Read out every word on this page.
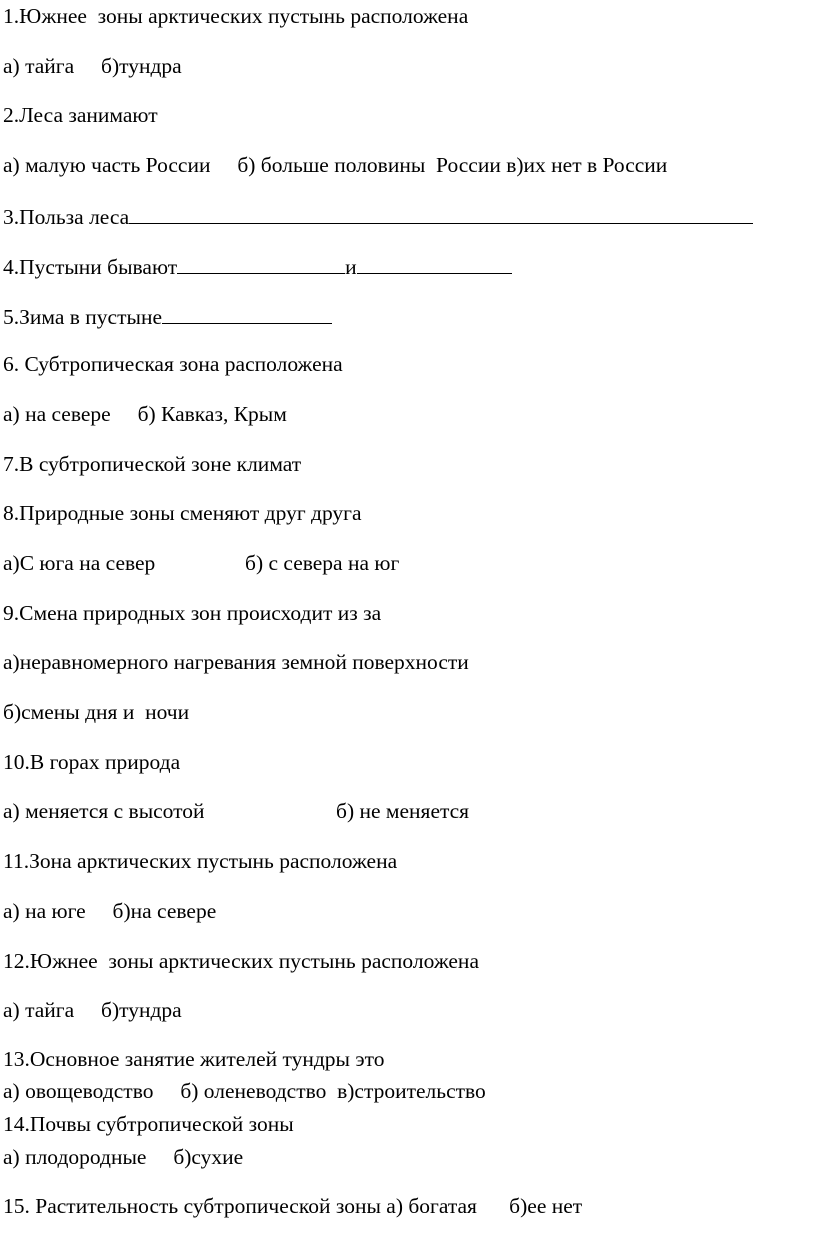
1.Южнее  зоны арктических пустынь расположена
а) тайга     б)тундра
2.Леса занимают
а) малую часть России     б) больше половины  России в)их нет в России
3.Польза леса
4.Пустыни бывают	и
5.Зима в пустыне
6. Субтропическая зона расположена
а) на севере     б) Кавказ, Крым
7.В субтропической зоне климат
8.Природные зоны сменяют друг друга
а)С юга на север	б) с севера на юг
9.Смена природных зон происходит из за
а)неравномерного нагревания земной поверхности
б)смены дня и  ночи
10.В горах природа
а) меняется с высотой	б) не меняется
11.Зона арктических пустынь расположена
а) на юге     б)на севере
12.Южнее  зоны арктических пустынь расположена
а) тайга     б)тундра
13.Основное занятие жителей тундры это
а) овощеводство     б) оленеводство  в)строительство
14.Почвы субтропической зоны
а) плодородные     б)сухие
15. Растительность субтропической зоны а) богатая      б)ее нет
